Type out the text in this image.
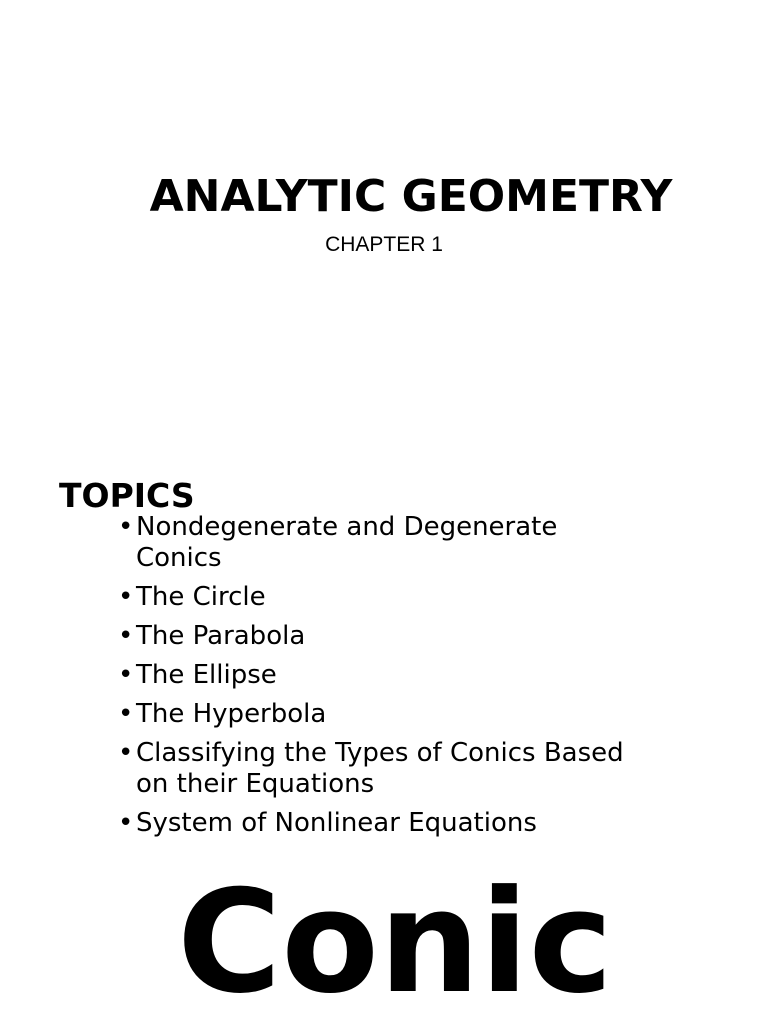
ANALYTIC GEOMETRY
CHAPTER 1
TOPICS
• Nondegenerate and Degenerate Conics
• The Circle
• The Parabola
• The Ellipse
• The Hyperbola
• Classifying the Types of Conics Based on their Equations
• System of Nonlinear Equations
Conic
